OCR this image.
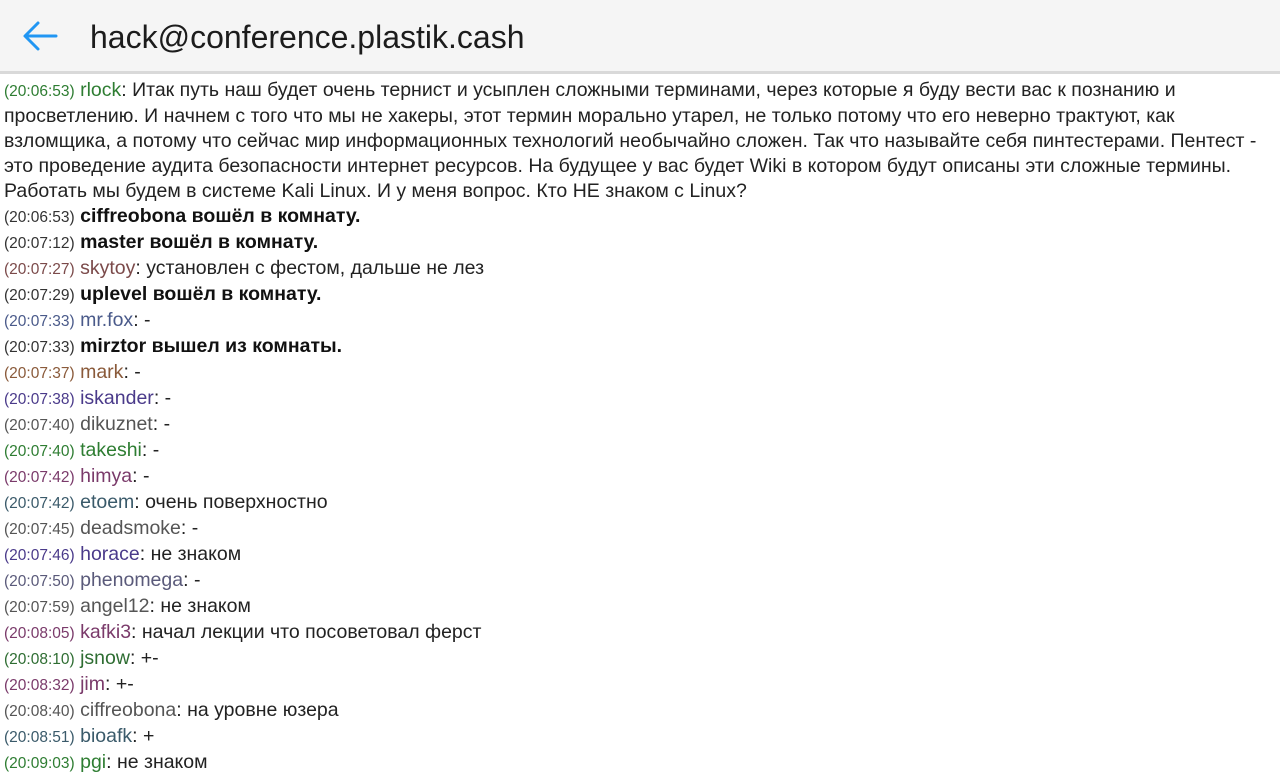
hack@conference.plastik.cash

(20:06:53) rlock: Итак путь наш будет очень тернист и усыплен сложными терминами, через которые я буду вести вас к познанию и просветлению. И начнем с того что мы не хакеры, этот термин морально утарел, не только потому что его неверно трактуют, как взломщика, а потому что сейчас мир информационных технологий необычайно сложен. Так что называйте себя пинтестерами. Пентест - это проведение аудита безопасности интернет ресурсов. На будущее у вас будет Wiki в котором будут описаны эти сложные термины. Работать мы будем в системе Kali Linux. И у меня вопрос. Кто НЕ знаком с Linux?

(20:06:53) ciffreobona вошёл в комнату.

(20:07:12) master вошёл в комнату.

(20:07:27) skytoy: установлен с фестом, дальше не лез

(20:07:29) uplevel вошёл в комнату.

(20:07:33) mr.fox: -

(20:07:33) mirztor вышел из комнаты.

(20:07:37) mark: -

(20:07:38) iskander: -

(20:07:40) dikuznet: -

(20:07:40) takeshi: -

(20:07:42) himya: -

(20:07:42) etoem: очень поверхностно

(20:07:45) deadsmoke: -

(20:07:46) horace: не знаком

(20:07:50) phenomega: -

(20:07:59) angel12: не знаком

(20:08:05) kafki3: начал лекции что посоветовал ферст

(20:08:10) jsnow: +-

(20:08:32) jim: +-

(20:08:40) ciffreobona: на уровне юзера

(20:08:51) bioafk: +

(20:09:03) pgi: не знаком
